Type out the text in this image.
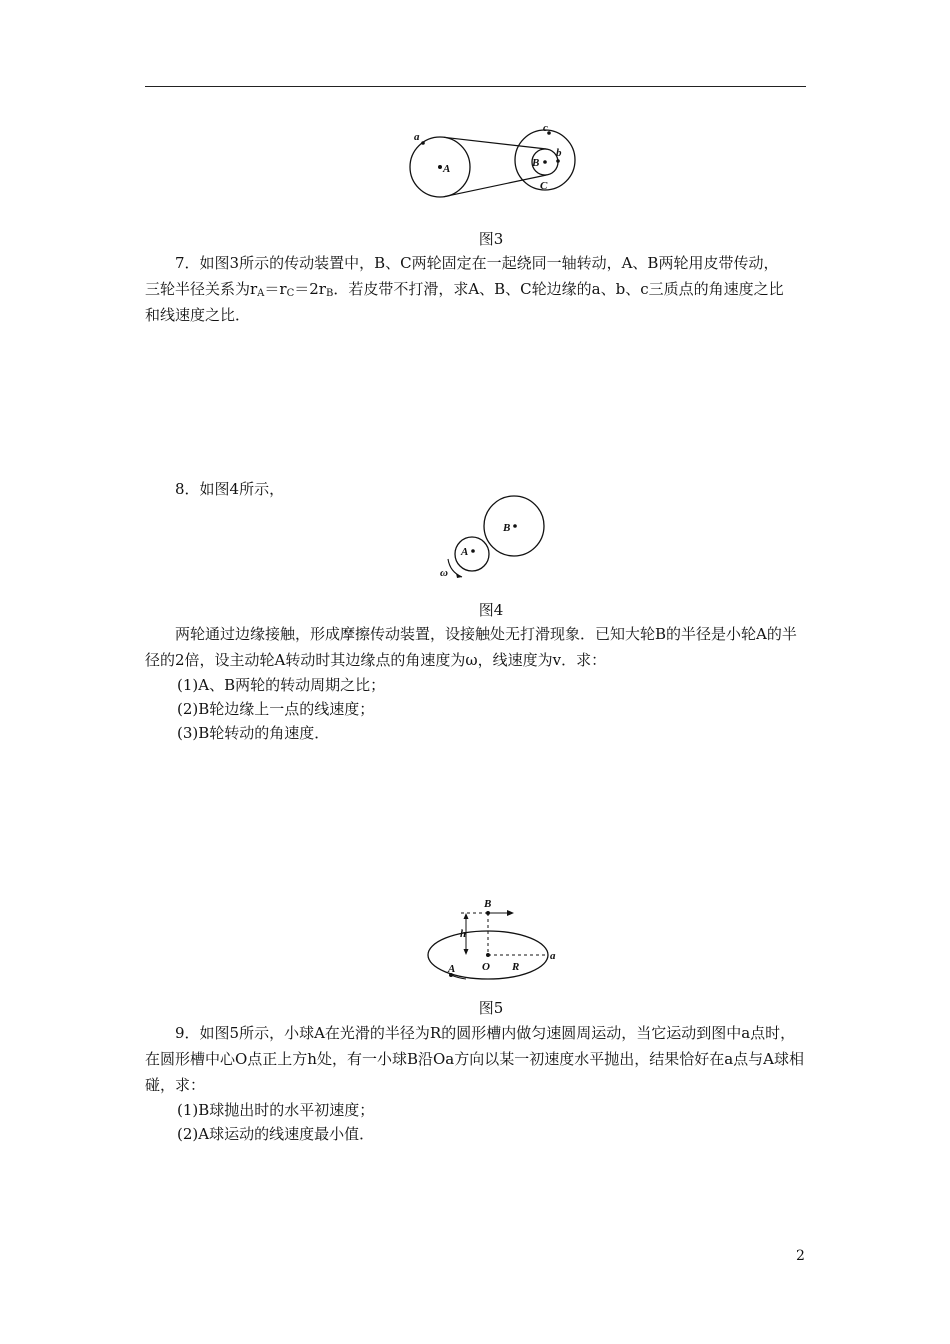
a
A
c
B
b
C
图3

7．如图3所示的传动装置中，B、C两轮固定在一起绕同一轴转动，A、B两轮用皮带传动，

三轮半径关系为$r_A=r_C=2r_B$．若皮带不打滑，求A、B、C轮边缘的a、b、c三质点的角速度之比

和线速度之比．

8．如图4所示，

A
B
ω
图4

两轮通过边缘接触，形成摩擦传动装置，设接触处无打滑现象．已知大轮B的半径是小轮A的半径的2倍，设主动轮A转动时其边缘点的角速度为ω，线速度为v．求：

(1)A、B两轮的转动周期之比；

(2)B轮边缘上一点的线速度；

(3)B轮转动的角速度．

B
h
O R
a
A
图5

9．如图5所示，小球A在光滑的半径为R的圆形槽内做匀速圆周运动，当它运动到图中a点时，在圆形槽中心O点正上方h处，有一小球B沿Oa方向以某一初速度水平抛出，结果恰好在a点与A球相碰，求：

(1)B球抛出时的水平初速度；

(2)A球运动的线速度最小值．

2
